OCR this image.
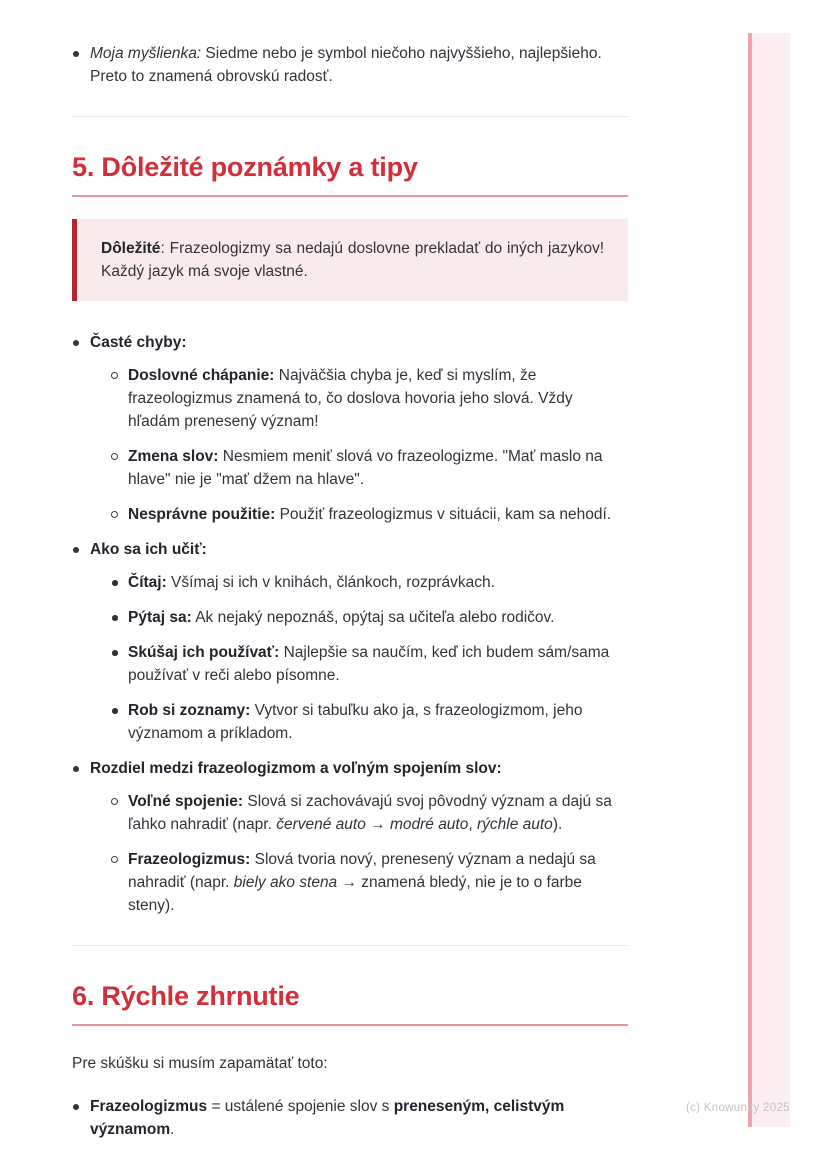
Moja myšlienka: Siedme nebo je symbol niečoho najvyššieho, najlepšieho. Preto to znamená obrovskú radosť.
5. Dôležité poznámky a tipy

Dôležité: Frazeologizmy sa nedajú doslovne prekladať do iných jazykov! Každý jazyk má svoje vlastné.

Časté chyby:
Doslovné chápanie: Najväčšia chyba je, keď si myslím, že frazeologizmus znamená to, čo doslova hovoria jeho slová. Vždy hľadám prenesený význam!
Zmena slov: Nesmiem meniť slová vo frazeologizme. "Mať maslo na hlave" nie je "mať džem na hlave".
Nesprávne použitie: Použiť frazeologizmus v situácii, kam sa nehodí.
Ako sa ich učiť:
Čítaj: Všímaj si ich v knihách, článkoch, rozprávkach.
Pýtaj sa: Ak nejaký nepoznáš, opýtaj sa učiteľa alebo rodičov.
Skúšaj ich používať: Najlepšie sa naučím, keď ich budem sám/sama používať v reči alebo písomne.
Rob si zoznamy: Vytvor si tabuľku ako ja, s frazeologizmom, jeho významom a príkladom.
Rozdiel medzi frazeologizmom a voľným spojením slov:
Voľné spojenie: Slová si zachovávajú svoj pôvodný význam a dajú sa ľahko nahradiť (napr. červené auto → modré auto, rýchle auto).
Frazeologizmus: Slová tvoria nový, prenesený význam a nedajú sa nahradiť (napr. biely ako stena → znamená bledý, nie je to o farbe steny).
6. Rýchle zhrnutie

Pre skúšku si musím zapamätať toto:

Frazeologizmus = ustálené spojenie slov s preneseným, celistvým významom.
(c) Knowunity 2025
